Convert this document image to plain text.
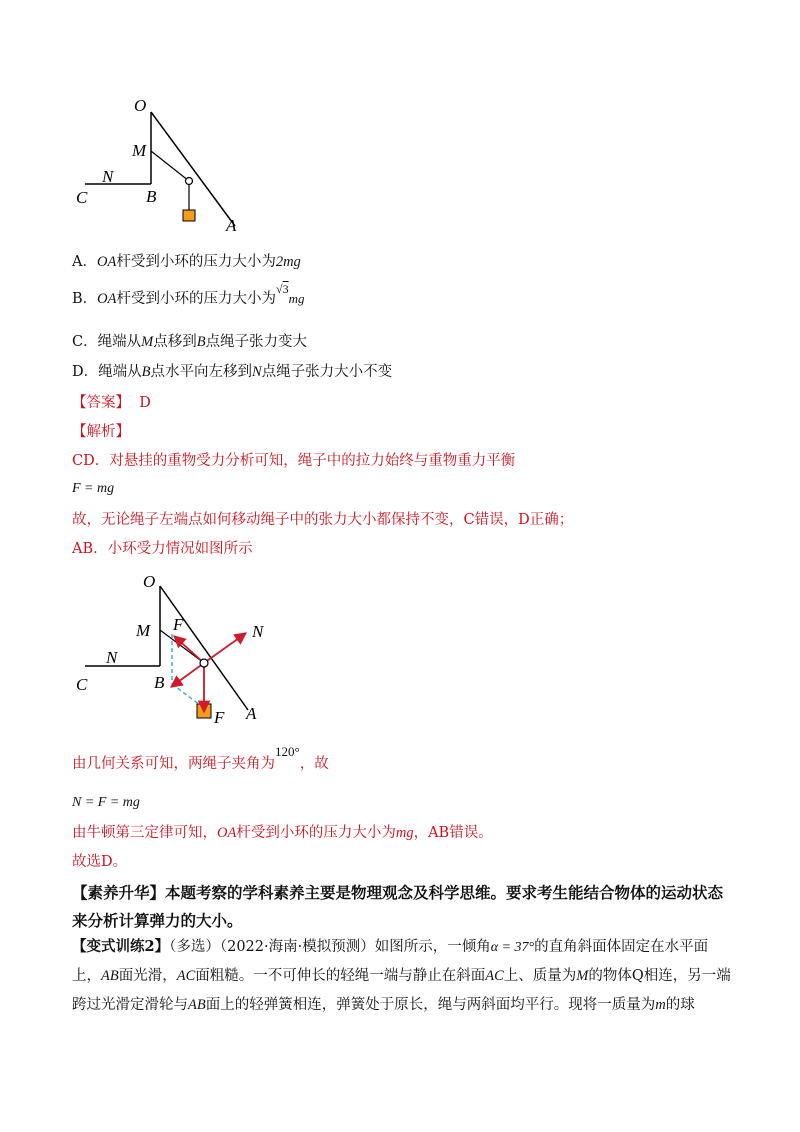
O
M
N
C	B
A
A．OA杆受到小环的压力大小为2mg
B．OA杆受到小环的压力大小为$^{√3}$mg
C．绳端从M点移到B点绳子张力变大
D．绳端从B点水平向左移到N点绳子张力大小不变
【答案】 D
【解析】
CD．对悬挂的重物受力分析可知，绳子中的拉力始终与重物重力平衡
F = mg
故，无论绳子左端点如何移动绳子中的张力大小都保持不变，C错误，D正确；
AB．小环受力情况如图所示
O
M F
N
N
C	B
F A
由几何关系可知，两绳子夹角为120°，故
N = F = mg
由牛顿第三定律可知，OA杆受到小环的压力大小为mg，AB错误。
故选D。
【素养升华】本题考察的学科素养主要是物理观念及科学思维。要求考生能结合物体的运动状态来分析计算弹力的大小。
【变式训练2】（多选）（2022·海南·模拟预测）如图所示，一倾角α = 37°的直角斜面体固定在水平面上，AB面光滑，AC面粗糙。一不可伸长的轻绳一端与静止在斜面AC上、质量为M的物体Q相连，另一端跨过光滑定滑轮与AB面上的轻弹簧相连，弹簧处于原长，绳与两斜面均平行。现将一质量为m的球
